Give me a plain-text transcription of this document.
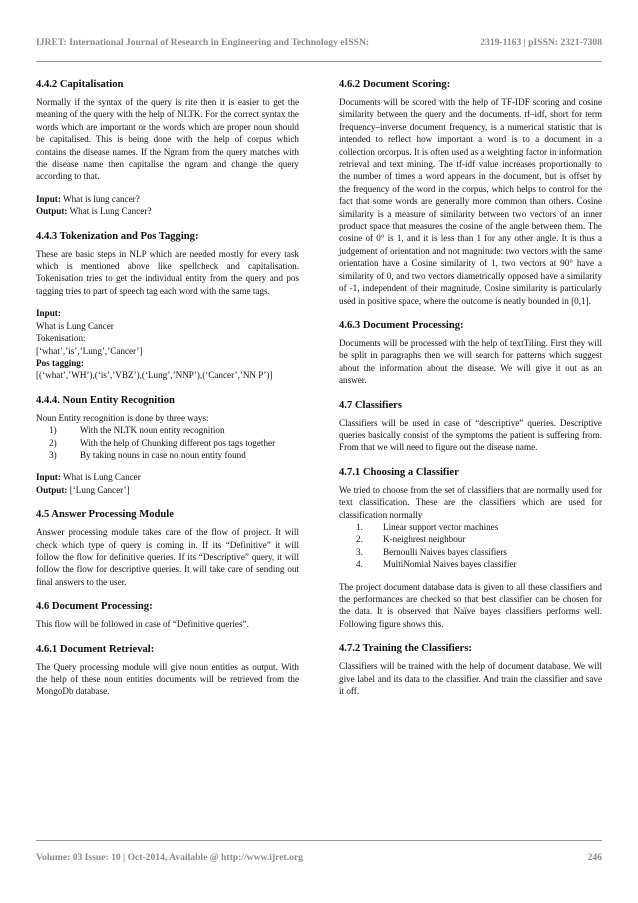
IJRET: International Journal of Research in Engineering and Technology eISSN:	2319-1163 | pISSN: 2321-7308
4.4.2 Capitalisation

Normally if the syntax of the query is rite then it is easier to get the meaning of the query with the help of NLTK. For the correct syntax the words which are important or the words which are proper noun should be capitalised. This is being done with the help of corpus which contains the disease names. If the Ngram from the query matches with the disease name then capitalise the ngram and change the query according to that.

Input: What is lung cancer?

Output: What is Lung Cancer?

4.4.3 Tokenization and Pos Tagging:

These are basic steps in NLP which are needed mostly for every task which is mentioned above like spellcheck and capitalisation. Tokenisation tries to get the individual entity from the query and pos tagging tries to part of speech tag each word with the same tags.

Input:

What is Lung Cancer

Tokenisation:

[‘what’,’is’,’Lung’,’Cancer’]

Pos tagging:

[(‘what’,’WH’),(‘is’,’VBZ’),(‘Lung’,’NNP’),(‘Cancer’,’NN P’)]

4.4.4. Noun Entity Recognition

Noun Entity recognition is done by three ways:

1)	With the NLTK noun entity recognition
2)	With the help of Chunking different pos tags together
3)	By taking nouns in case no noun entity found

Input: What is Lung Cancer

Output: [‘Lung Cancer’]

4.5 Answer Processing Module

Answer processing module takes care of the flow of project. It will check which type of query is coming in. If its “Definitive” it will follow the flow for definitive queries. If its “Descriptive” query, it will follow the flow for descriptive queries. It will take care of sending out final answers to the user.

4.6 Document Processing:

This flow will be followed in case of “Definitive queries”.

4.6.1 Document Retrieval:

The Query processing module will give noun entities as output. With the help of these noun entities documents will be retrieved from the MongoDb database.

4.6.2 Document Scoring:

Documents will be scored with the help of TF-IDF scoring and cosine similarity between the query and the documents. tf–idf, short for term frequency–inverse document frequency, is a numerical statistic that is intended to reflect how important a word is to a document in a collection orcorpus. It is often used as a weighting factor in information retrieval and text mining. The tf-idf value increases proportionally to the number of times a word appears in the document, but is offset by the frequency of the word in the corpus, which helps to control for the fact that some words are generally more common than others. Cosine similarity is a measure of similarity between two vectors of an inner product space that measures the cosine of the angle between them. The cosine of 0° is 1, and it is less than 1 for any other angle. It is thus a judgement of orientation and not magnitude: two vectors with the same orientation have a Cosine similarity of 1, two vectors at 90° have a similarity of 0, and two vectors diametrically opposed have a similarity of -1, independent of their magnitude. Cosine similarity is particularly used in positive space, where the outcome is neatly bounded in [0,1].

4.6.3 Document Processing:

Documents will be processed with the help of textTiling. First they will be split in paragraphs then we will search for patterns which suggest about the information about the disease. We will give it out as an answer.

4.7 Classifiers

Classifiers will be used in case of “descriptive” queries. Descriptive queries basically consist of the symptoms the patient is suffering from. From that we will need to figure out the disease name.

4.7.1 Choosing a Classifier

We tried to choose from the set of classifiers that are normally used for text classification. These are the classifiers which are used for classification normally

1.	Linear support vector machines
2.	K-neighrest neighbour
3.	Bernoulli Naives bayes classifiers
4.	MultiNomial Naives bayes classifier

The project document database data is given to all these classifiers and the performances are checked so that best classifier can be chosen for the data. It is observed that Naïve bayes classifiers performs well. Following figure shows this.

4.7.2 Training the Classifiers:

Classifiers will be trained with the help of document database. We will give label and its data to the classifier. And train the classifier and save it off.

Volume: 03 Issue: 10 | Oct-2014, Available @ http://www.ijret.org	246
